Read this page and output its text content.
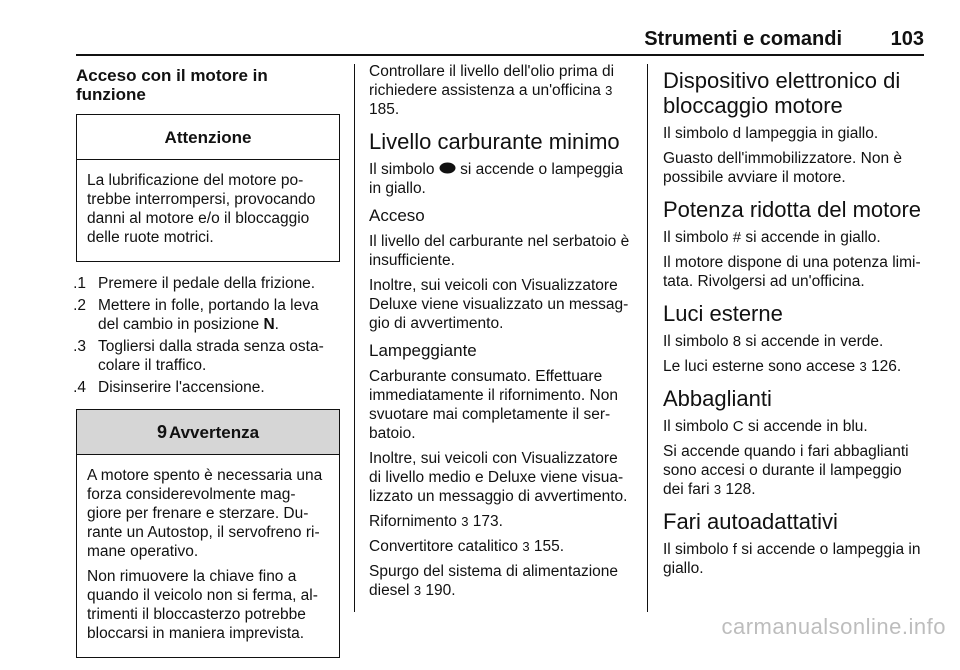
Strumenti e comandi 103
Acceso con il motore in funzione
Attenzione

La lubrificazione del motore po-trebbe interrompersi, provocando danni al motore e/o il bloccaggio delle ruote motrici.

1. Premere il pedale della frizione.
2. Mettere in folle, portando la leva del cambio in posizione N.
3. Togliersi dalla strada senza osta-colare il traffico.
4. Disinserire l'accensione.
9 Avvertenza

A motore spento è necessaria una forza considerevolmente mag-giore per frenare e sterzare. Du-rante un Autostop, il servofreno ri-mane operativo.

Non rimuovere la chiave fino a quando il veicolo non si ferma, al-trimenti il bloccasterzo potrebbe bloccarsi in maniera imprevista.

Controllare il livello dell'olio prima di richiedere assistenza a un'officina 3 185.

Livello carburante minimo

Il simbolo  si accende o lampeggia in giallo.

Acceso

Il livello del carburante nel serbatoio è insufficiente.

Inoltre, sui veicoli con Visualizzatore Deluxe viene visualizzato un messag-gio di avvertimento.

Lampeggiante

Carburante consumato. Effettuare immediatamente il rifornimento. Non svuotare mai completamente il ser-batoio.

Inoltre, sui veicoli con Visualizzatore di livello medio e Deluxe viene visua-lizzato un messaggio di avvertimento.

Rifornimento 3 173.

Convertitore catalitico 3 155.

Spurgo del sistema di alimentazione diesel 3 190.

Dispositivo elettronico di bloccaggio motore

Il simbolo d lampeggia in giallo.

Guasto dell'immobilizzatore. Non è possibile avviare il motore.

Potenza ridotta del motore

Il simbolo # si accende in giallo.

Il motore dispone di una potenza limi-tata. Rivolgersi ad un'officina.

Luci esterne

Il simbolo 8 si accende in verde.

Le luci esterne sono accese 3 126.

Abbaglianti

Il simbolo C si accende in blu.

Si accende quando i fari abbaglianti sono accesi o durante il lampeggio dei fari 3 128.

Fari autoadattativi

Il simbolo f si accende o lampeggia in giallo.

carmanualsonline.info
